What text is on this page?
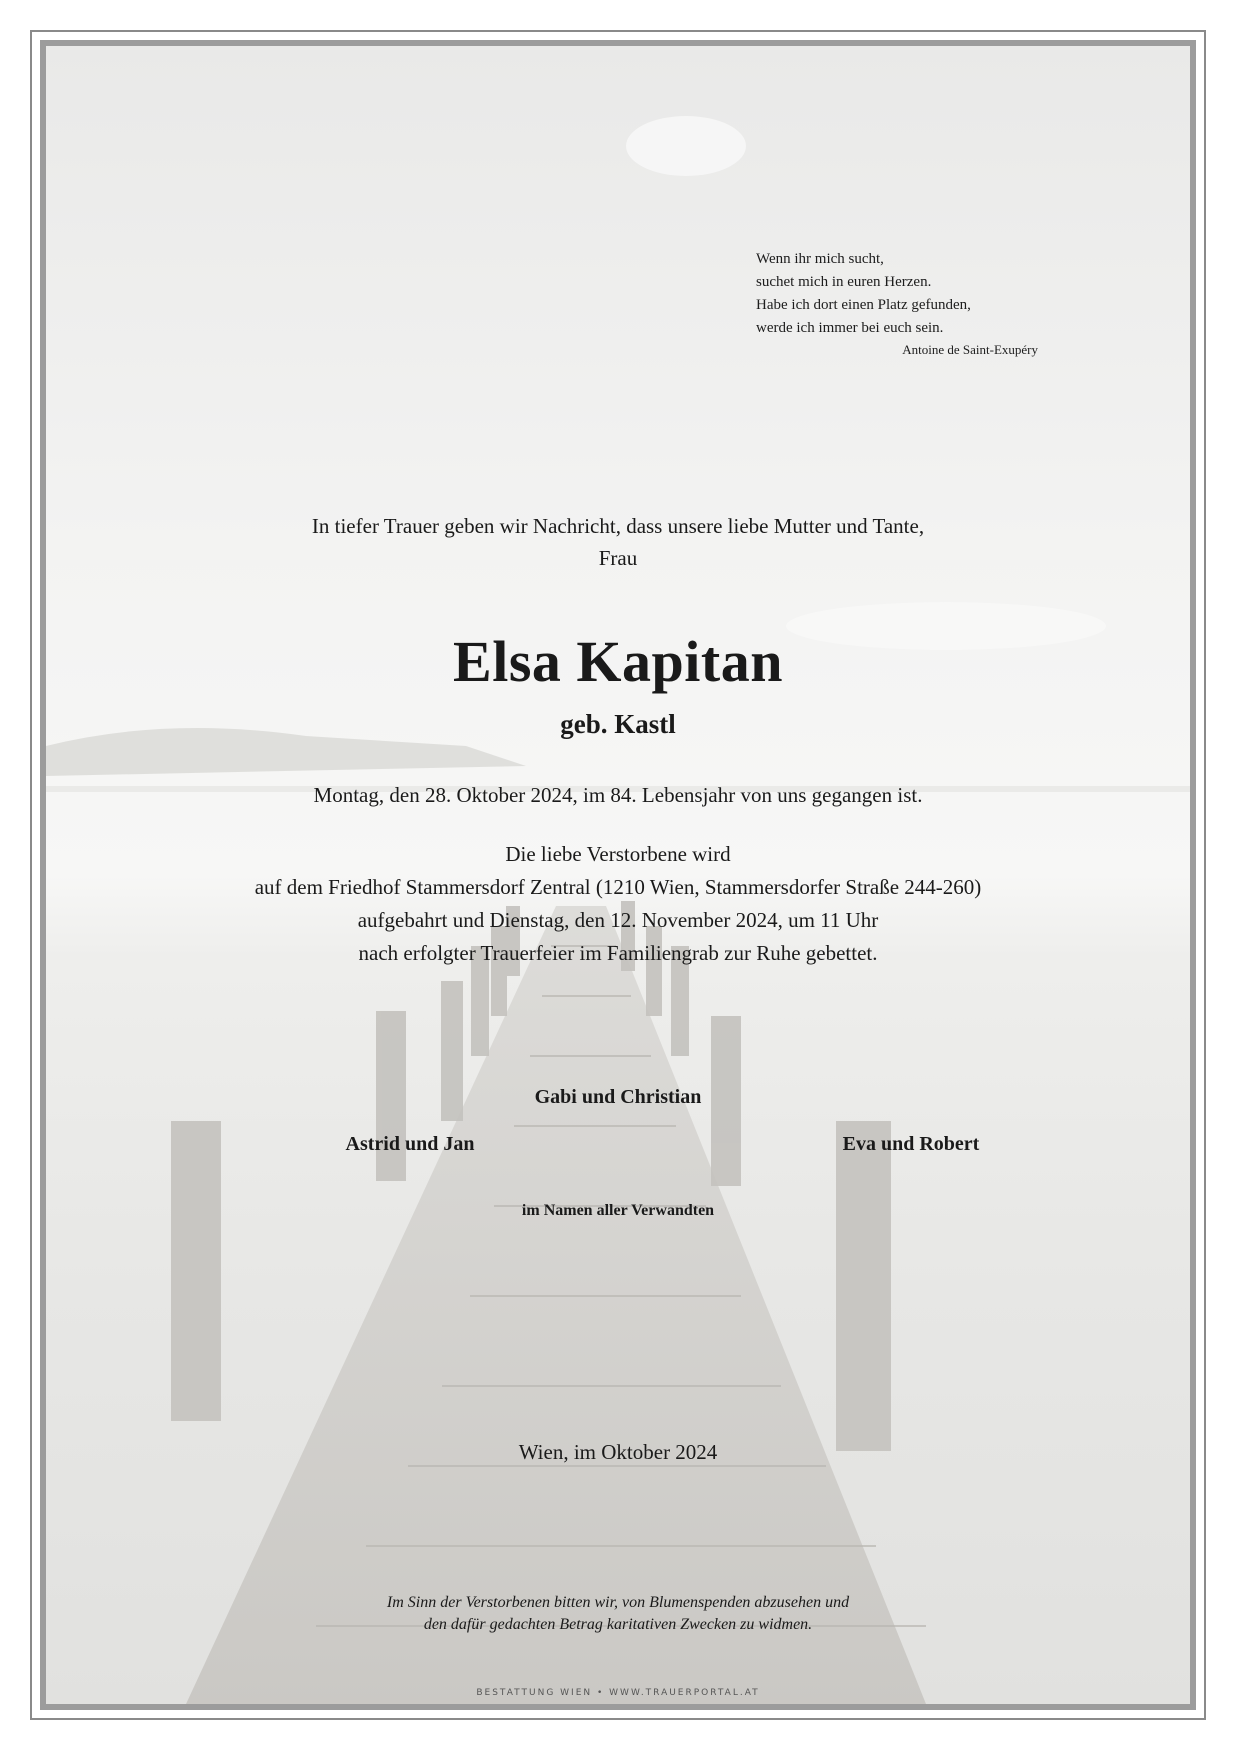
Wenn ihr mich sucht,
suchet mich in euren Herzen.
Habe ich dort einen Platz gefunden,
werde ich immer bei euch sein.
Antoine de Saint-Exupéry
In tiefer Trauer geben wir Nachricht, dass unsere liebe Mutter und Tante,
Frau
Elsa Kapitan
geb. Kastl
Montag, den 28. Oktober 2024, im 84. Lebensjahr von uns gegangen ist.
Die liebe Verstorbene wird
auf dem Friedhof Stammersdorf Zentral (1210 Wien, Stammersdorfer Straße 244-260)
aufgebahrt und Dienstag, den 12. November 2024, um 11 Uhr
nach erfolgter Trauerfeier im Familiengrab zur Ruhe gebettet.
Gabi und Christian
Astrid und Jan	Eva und Robert
im Namen aller Verwandten
Wien, im Oktober 2024
Im Sinn der Verstorbenen bitten wir, von Blumenspenden abzusehen und
den dafür gedachten Betrag karitativen Zwecken zu widmen.
BESTATTUNG WIEN • WWW.TRAUERPORTAL.AT
